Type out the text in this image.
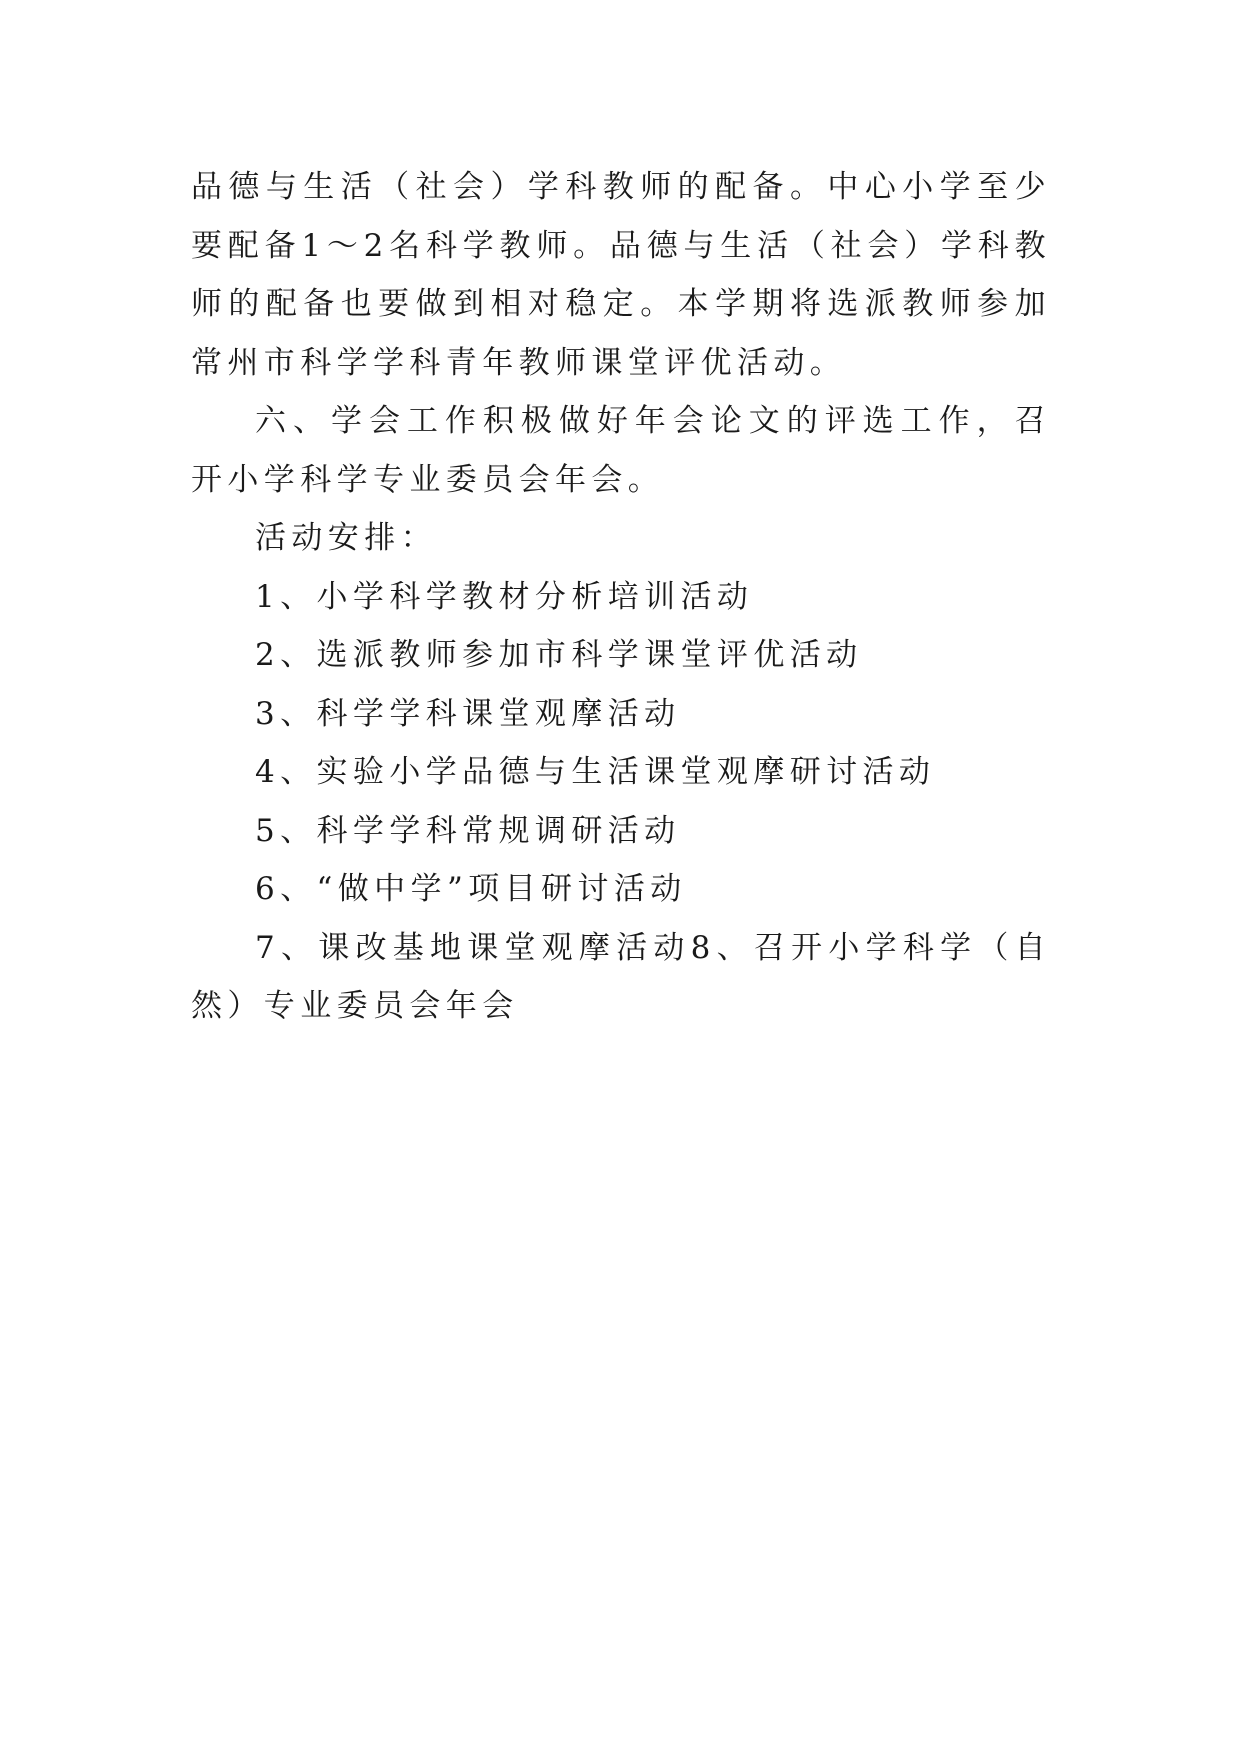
品德与生活（社会）学科教师的配备。中心小学至少要配备1～2名科学教师。品德与生活（社会）学科教师的配备也要做到相对稳定。本学期将选派教师参加常州市科学学科青年教师课堂评优活动。

六、学会工作积极做好年会论文的评选工作，召开小学科学专业委员会年会。

活动安排：

1、小学科学教材分析培训活动

2、选派教师参加市科学课堂评优活动

3、科学学科课堂观摩活动

4、实验小学品德与生活课堂观摩研讨活动

5、科学学科常规调研活动

6、“做中学”项目研讨活动

7、课改基地课堂观摩活动8、召开小学科学（自然）专业委员会年会
